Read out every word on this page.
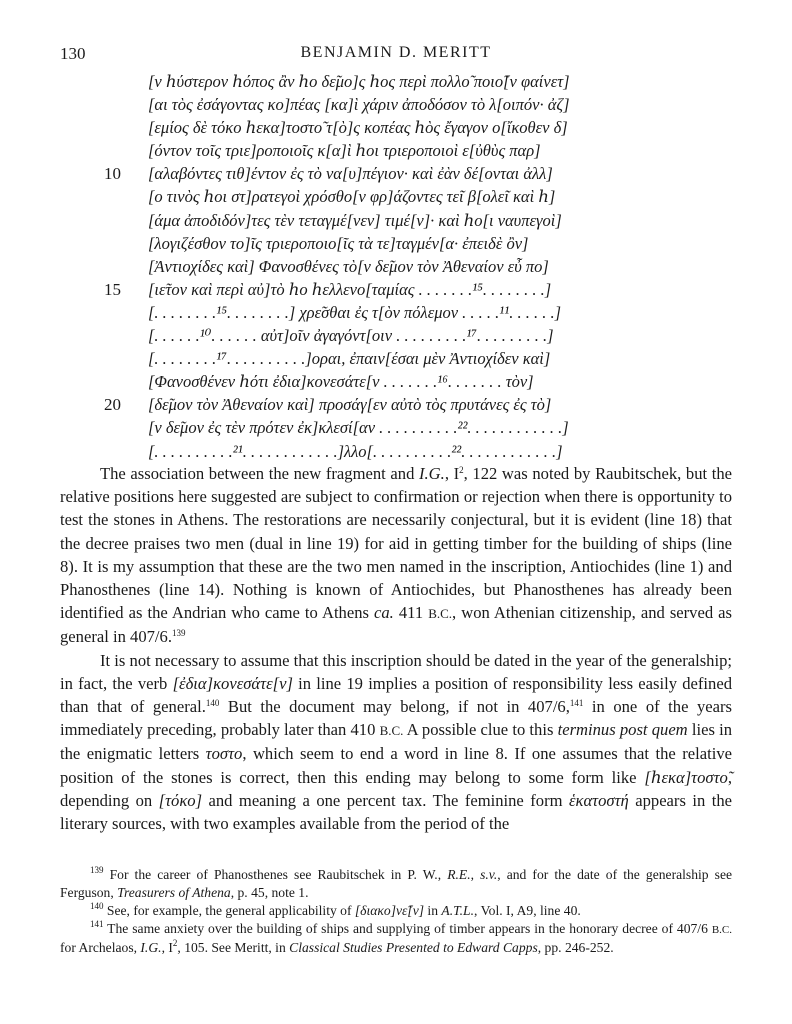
130	BENJAMIN D. MERITT
[ν ℎύστερον ℎόπος ἂν ℎο δε̃μο]ς ℎος περὶ πολλο̃ ποιο̃[ν φαίνετ]
[αι τὸς ἐσάγοντας κο]πέας [κα]ὶ χάριν ἀποδόσον τὸ λ[οιπόν· ἀζ]
[εμίος δὲ τόκο ℎεκα]τοστο̃ τ[ὸ]ς κοπέας ℎὸς ἔγαγον ο[ἴκοθεν δ]
[όντον τοῖς τριε]ροποιοῖς κ[α]ὶ ℎοι τριεροποιοὶ ε[ὐθὺς παρ]
10	[αλαβόντες τιθ]έντον ἐς τὸ να[υ]πέγιον· καὶ ἐὰν δέ[ονται ἀλλ]
[ο τινὸς ℎοι στ]ρατεγοὶ χρόσθο[ν φρ]άζοντες τε̃ι β[ολε̃ι καὶ ℎ]
[άμα ἀποδιδόν]τες τὲν τεταγμέ[νεν] τιμέ[ν]· καὶ ℎο[ι ναυπεγοὶ]
[λογιζέσθον το]ῖς τριεροποιο[ῖς τὰ τε]ταγμέν[α· ἐπειδὲ ὂν]
[Ἀντιοχίδες καὶ] Φανοσθένες τὸ[ν δε̃μον τὸν Ἀθεναίον εὖ πο]
15	[ιε̃τον καὶ περὶ αὐ]τὸ ℎο ℎελλενο[ταμίας . . . . . . .¹⁵. . . . . . . .]
[. . . . . . . .¹⁵. . . . . . . .] χρε̃σθαι ἐς τ[ὸν πόλεμον . . . . .¹¹. . . . . .]
[. . . . . .¹⁰. . . . . . αὐτ]οῖν ἀγαγόντ[οιν . . . . . . . . .¹⁷. . . . . . . . .]
[. . . . . . . .¹⁷. . . . . . . . . .]οραι, ἐπαιν[έσαι μὲν Ἀντιοχίδεν καὶ]
[Φανοσθένεν ℎότι ἐδια]κονεσάτε[ν . . . . . . .¹⁶. . . . . . . τὸν]
20	[δε̃μον τὸν Ἀθεναίον καὶ] προσάγ[εν αὐτὸ τὸς πρυτάνες ἐς τὸ]
[ν δε̃μον ἐς τὲν πρότεν ἐκ]κλεσί[αν . . . . . . . . . .²². . . . . . . . . . . .]
[. . . . . . . . . .²¹. . . . . . . . . . . .]λλο[. . . . . . . . . .²². . . . . . . . . . . .]

The association between the new fragment and I.G., $I^2$, 122 was noted by Raubitschek, but the relative positions here suggested are subject to confirmation or rejection when there is opportunity to test the stones in Athens. The restorations are necessarily conjectural, but it is evident (line 18) that the decree praises two men (dual in line 19) for aid in getting timber for the building of ships (line 8). It is my assumption that these are the two men named in the inscription, Antiochides (line 1) and Phanosthenes (line 14). Nothing is known of Antiochides, but Phanosthenes has already been identified as the Andrian who came to Athens ca. 411 B.C., won Athenian citizenship, and served as general in 407/6.$^{139}$

It is not necessary to assume that this inscription should be dated in the year of the generalship; in fact, the verb [ἐδια]κονεσάτε[ν] in line 19 implies a position of responsibility less easily defined than that of general.$^{140}$ But the document may belong, if not in 407/6,$^{141}$ in one of the years immediately preceding, probably later than 410 B.C. A possible clue to this terminus post quem lies in the enigmatic letters τοστο, which seem to end a word in line 8. If one assumes that the relative position of the stones is correct, then this ending may belong to some form like [ℎεκα]τοστο̃, depending on [τόκο] and meaning a one percent tax. The feminine form ἑκατοστή appears in the literary sources, with two examples available from the period of the

$^{139}$ For the career of Phanosthenes see Raubitschek in P. W., R.E., s.v., and for the date of the generalship see Ferguson, Treasurers of Athena, p. 45, note 1.

$^{140}$ See, for example, the general applicability of [διακο]νε̃[ν] in A.T.L., Vol. I, A9, line 40.

$^{141}$ The same anxiety over the building of ships and supplying of timber appears in the honorary decree of 407/6 B.C. for Archelaos, I.G., $I^2$, 105. See Meritt, in Classical Studies Presented to Edward Capps, pp. 246-252.
